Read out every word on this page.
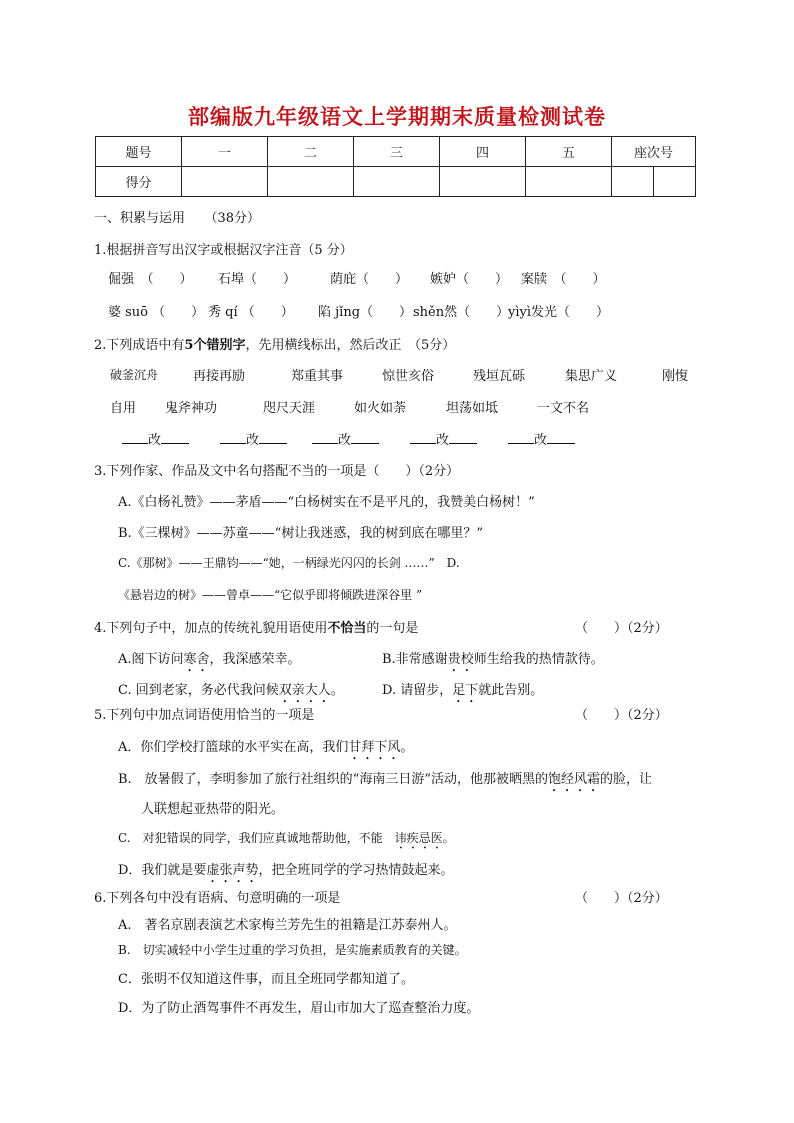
部编版九年级语文上学期期末质量检测试卷
题号	一	二	三	四	五	座次号	
得分							
一、积累与运用　　（38分）
1.根据拼音写出汉字或根据汉字注音（5 分）
倔强　（　　） 石埠（　　）	荫庇（　　） 嫉妒（　　） 案牍　（　　）
婆 suō （　　） 秀 qí （　　） 陷 jǐng（　　） shěn然（　　）
yìyì发光（　　）
2.下列成语中有5个错别字，先用横线标出，然后改正　（5分）
破釜沉舟	再接再励	郑重其事	惊世亥俗	残垣瓦砾	集思广义	刚愎
自用 鬼斧神功	咫尺天涯	如火如荼	坦荡如坻	一文不名
改	改	改	改	改
3.下列作家、作品及文中名句搭配不当的一项是（　　）（2分）
A.《白杨礼赞》——茅盾——“白杨树实在不是平凡的，我赞美白杨树！”
B.《三棵树》——苏童——“树让我迷惑，我的树到底在哪里？”
C.《那树》——王鼎钧——“她，一柄绿光闪闪的长剑 ……”　D.
《悬岩边的树》——曾卓——“它似乎即将倾跌进深谷里 ”
4.下列句子中，加点的传统礼貌用语使用不恰当的一句是	（　　）（2分）
A.阁下访问寒舍，我深感荣幸。	B.非常感谢贵校师生给我的热情款待。
C. 回到老家，务必代我问候双亲大人。	D. 请留步，足下就此告别。
5.下列句中加点词语使用恰当的一项是	（　　）（2分）
A．你们学校打篮球的水平实在高，我们甘拜下风。
B.　放暑假了，李明参加了旅行社组织的“海南三日游”活动，他那被晒黑的饱经风霜的脸，让
人联想起亚热带的阳光。
C.　对犯错误的同学，我们应真诚地帮助他，不能　讳疾忌医。
D．我们就是要虚张声势，把全班同学的学习热情鼓起来。
6.下列各句中没有语病、句意明确的一项是	（　　）（2分）
A.　著名京剧表演艺术家梅兰芳先生的祖籍是江苏泰州人。
B.　切实减轻中小学生过重的学习负担，是实施素质教育的关键。
C．张明不仅知道这件事，而且全班同学都知道了。
D．为了防止酒驾事件不再发生，眉山市加大了巡查整治力度。
